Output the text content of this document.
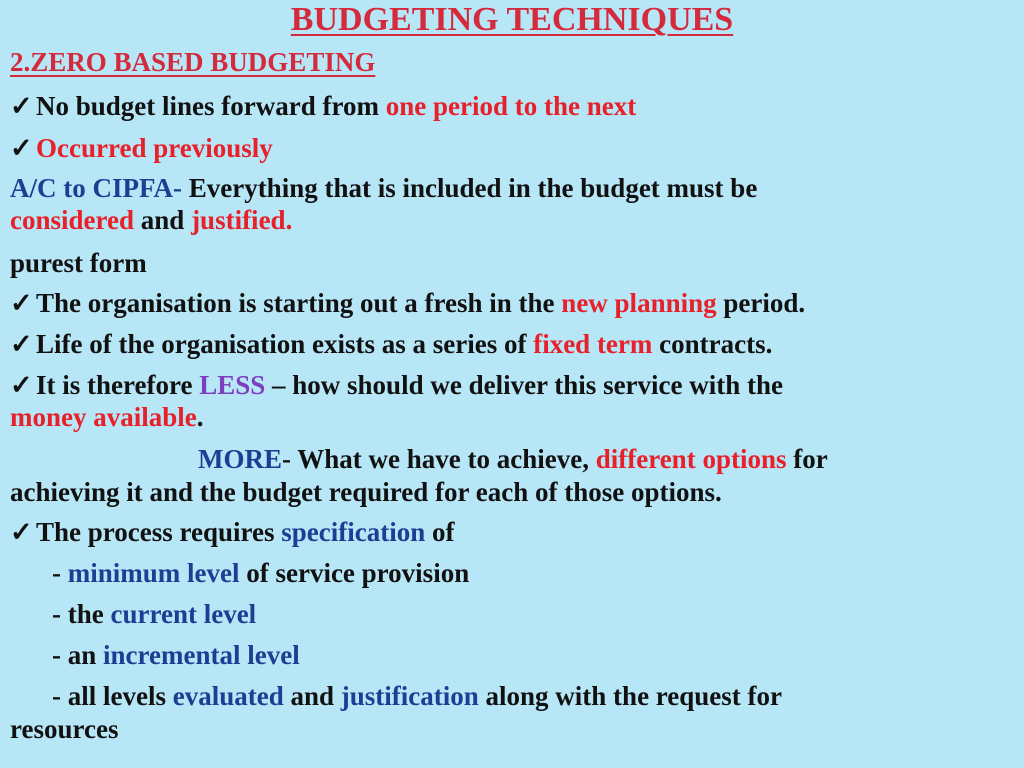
BUDGETING TECHNIQUES
2.ZERO BASED BUDGETING
✓ No budget lines forward from one period to the next
✓ Occurred previously
A/C to CIPFA- Everything that is included in the budget must be
considered and justified.
purest form
✓ The organisation is starting out a fresh in the new planning period.
✓ Life of the organisation exists as a series of fixed term contracts.
✓ It is therefore LESS – how should we deliver this service with the
money available.
MORE- What we have to achieve, different options for
achieving it and the budget required for each of those options.
✓ The process requires specification of
- minimum level of service provision
- the current level
- an incremental level
- all levels evaluated and justification along with the request for
resources
